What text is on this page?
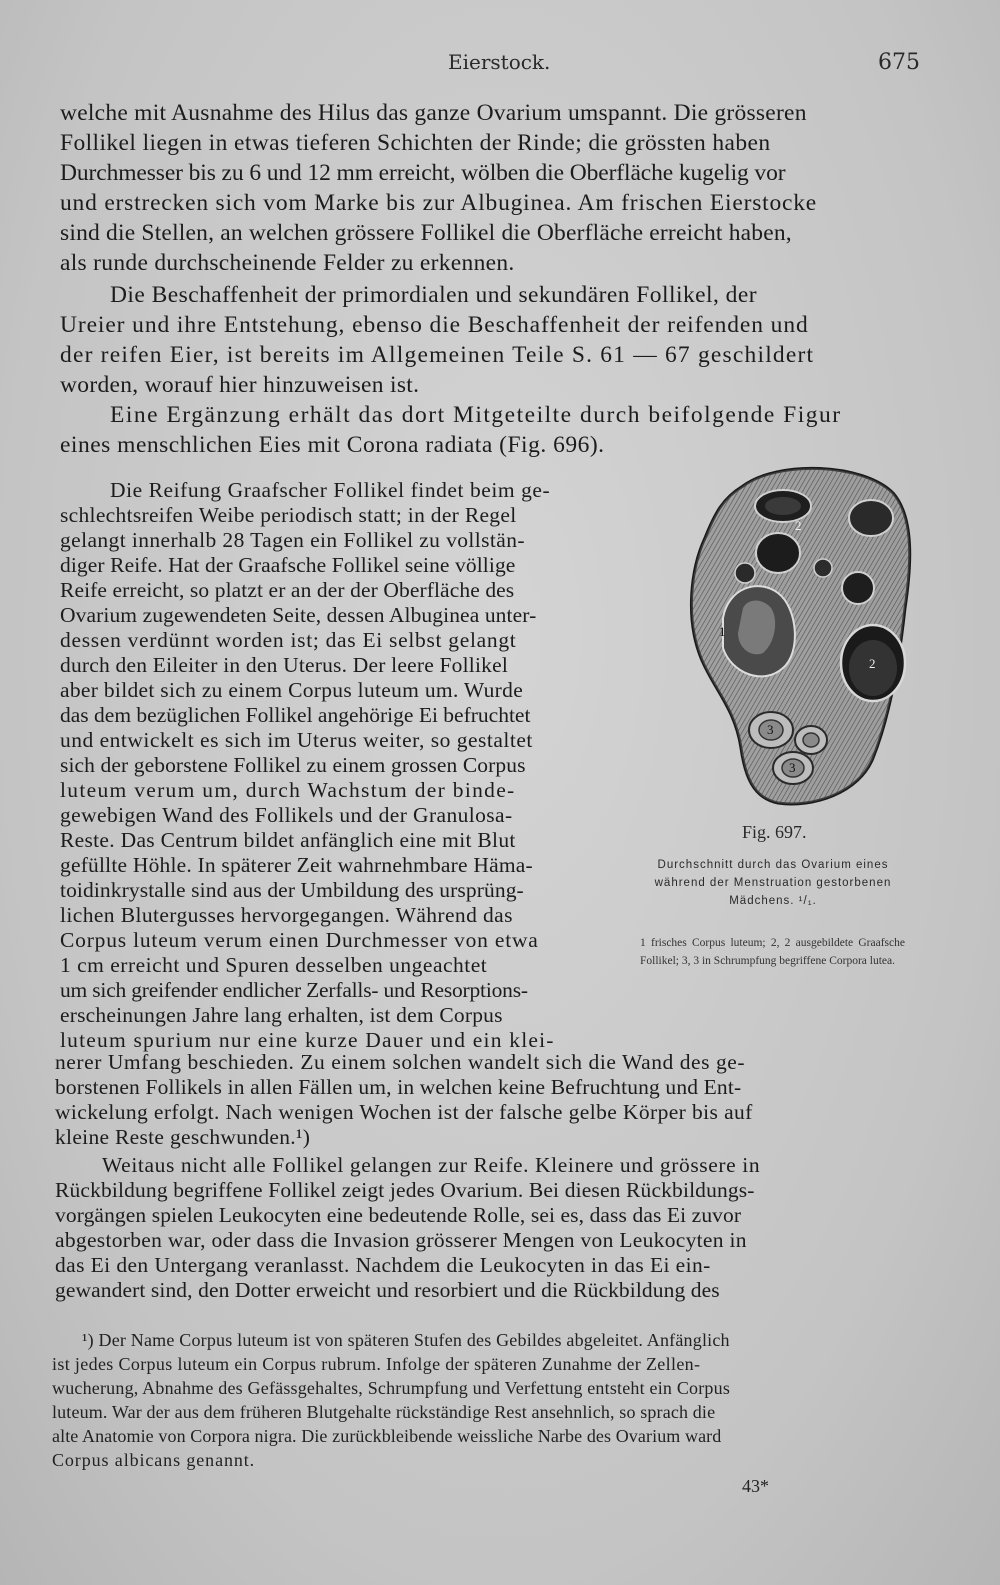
Eierstock.	675
welche mit Ausnahme des Hilus das ganze Ovarium umspannt. Die grösseren
Follikel liegen in etwas tieferen Schichten der Rinde; die grössten haben
Durchmesser bis zu 6 und 12 mm erreicht, wölben die Oberfläche kugelig vor
und erstrecken sich vom Marke bis zur Albuginea. Am frischen Eierstocke
sind die Stellen, an welchen grössere Follikel die Oberfläche erreicht haben,
als runde durchscheinende Felder zu erkennen.
Die Beschaffenheit der primordialen und sekundären Follikel, der
Ureier und ihre Entstehung, ebenso die Beschaffenheit der reifenden und
der reifen Eier, ist bereits im Allgemeinen Teile S. 61 — 67 geschildert
worden, worauf hier hinzuweisen ist.
Eine Ergänzung erhält das dort Mitgeteilte durch beifolgende Figur
eines menschlichen Eies mit Corona radiata (Fig. 696).
Die Reifung Graafscher Follikel findet beim ge-
schlechtsreifen Weibe periodisch statt; in der Regel
gelangt innerhalb 28 Tagen ein Follikel zu vollstän-
diger Reife. Hat der Graafsche Follikel seine völlige
Reife erreicht, so platzt er an der der Oberfläche des
Ovarium zugewendeten Seite, dessen Albuginea unter-
dessen verdünnt worden ist; das Ei selbst gelangt
durch den Eileiter in den Uterus. Der leere Follikel
aber bildet sich zu einem Corpus luteum um. Wurde
das dem bezüglichen Follikel angehörige Ei befruchtet
und entwickelt es sich im Uterus weiter, so gestaltet
sich der geborstene Follikel zu einem grossen Corpus
luteum verum um, durch Wachstum der binde-
gewebigen Wand des Follikels und der Granulosa-
Reste. Das Centrum bildet anfänglich eine mit Blut
gefüllte Höhle. In späterer Zeit wahrnehmbare Häma-
toidinkrystalle sind aus der Umbildung des ursprüng-
lichen Blutergusses hervorgegangen. Während das
Corpus luteum verum einen Durchmesser von etwa
1 cm erreicht und Spuren desselben ungeachtet
um sich greifender endlicher Zerfalls- und Resorptions-
erscheinungen Jahre lang erhalten, ist dem Corpus
luteum spurium nur eine kurze Dauer und ein klei-
nerer Umfang beschieden. Zu einem solchen wandelt sich die Wand des ge-
borstenen Follikels in allen Fällen um, in welchen keine Befruchtung und Ent-
wickelung erfolgt. Nach wenigen Wochen ist der falsche gelbe Körper bis auf
kleine Reste geschwunden.¹)
Weitaus nicht alle Follikel gelangen zur Reife. Kleinere und grössere in
Rückbildung begriffene Follikel zeigt jedes Ovarium. Bei diesen Rückbildungs-
vorgängen spielen Leukocyten eine bedeutende Rolle, sei es, dass das Ei zuvor
abgestorben war, oder dass die Invasion grösserer Mengen von Leukocyten in
das Ei den Untergang veranlasst. Nachdem die Leukocyten in das Ei ein-
gewandert sind, den Dotter erweicht und resorbiert und die Rückbildung des
2
2
1
3
3
Fig. 697.
Durchschnitt durch das Ovarium eines während der Menstruation gestorbenen Mädchens. ¹/₁.
1 frisches Corpus luteum; 2, 2 ausgebildete Graafsche Follikel; 3, 3 in Schrumpfung begriffene Corpora lutea.
¹) Der Name Corpus luteum ist von späteren Stufen des Gebildes abgeleitet. Anfänglich
ist jedes Corpus luteum ein Corpus rubrum. Infolge der späteren Zunahme der Zellen-
wucherung, Abnahme des Gefässgehaltes, Schrumpfung und Verfettung entsteht ein Corpus
luteum. War der aus dem früheren Blutgehalte rückständige Rest ansehnlich, so sprach die
alte Anatomie von Corpora nigra. Die zurückbleibende weissliche Narbe des Ovarium ward
Corpus albicans genannt.
43*
